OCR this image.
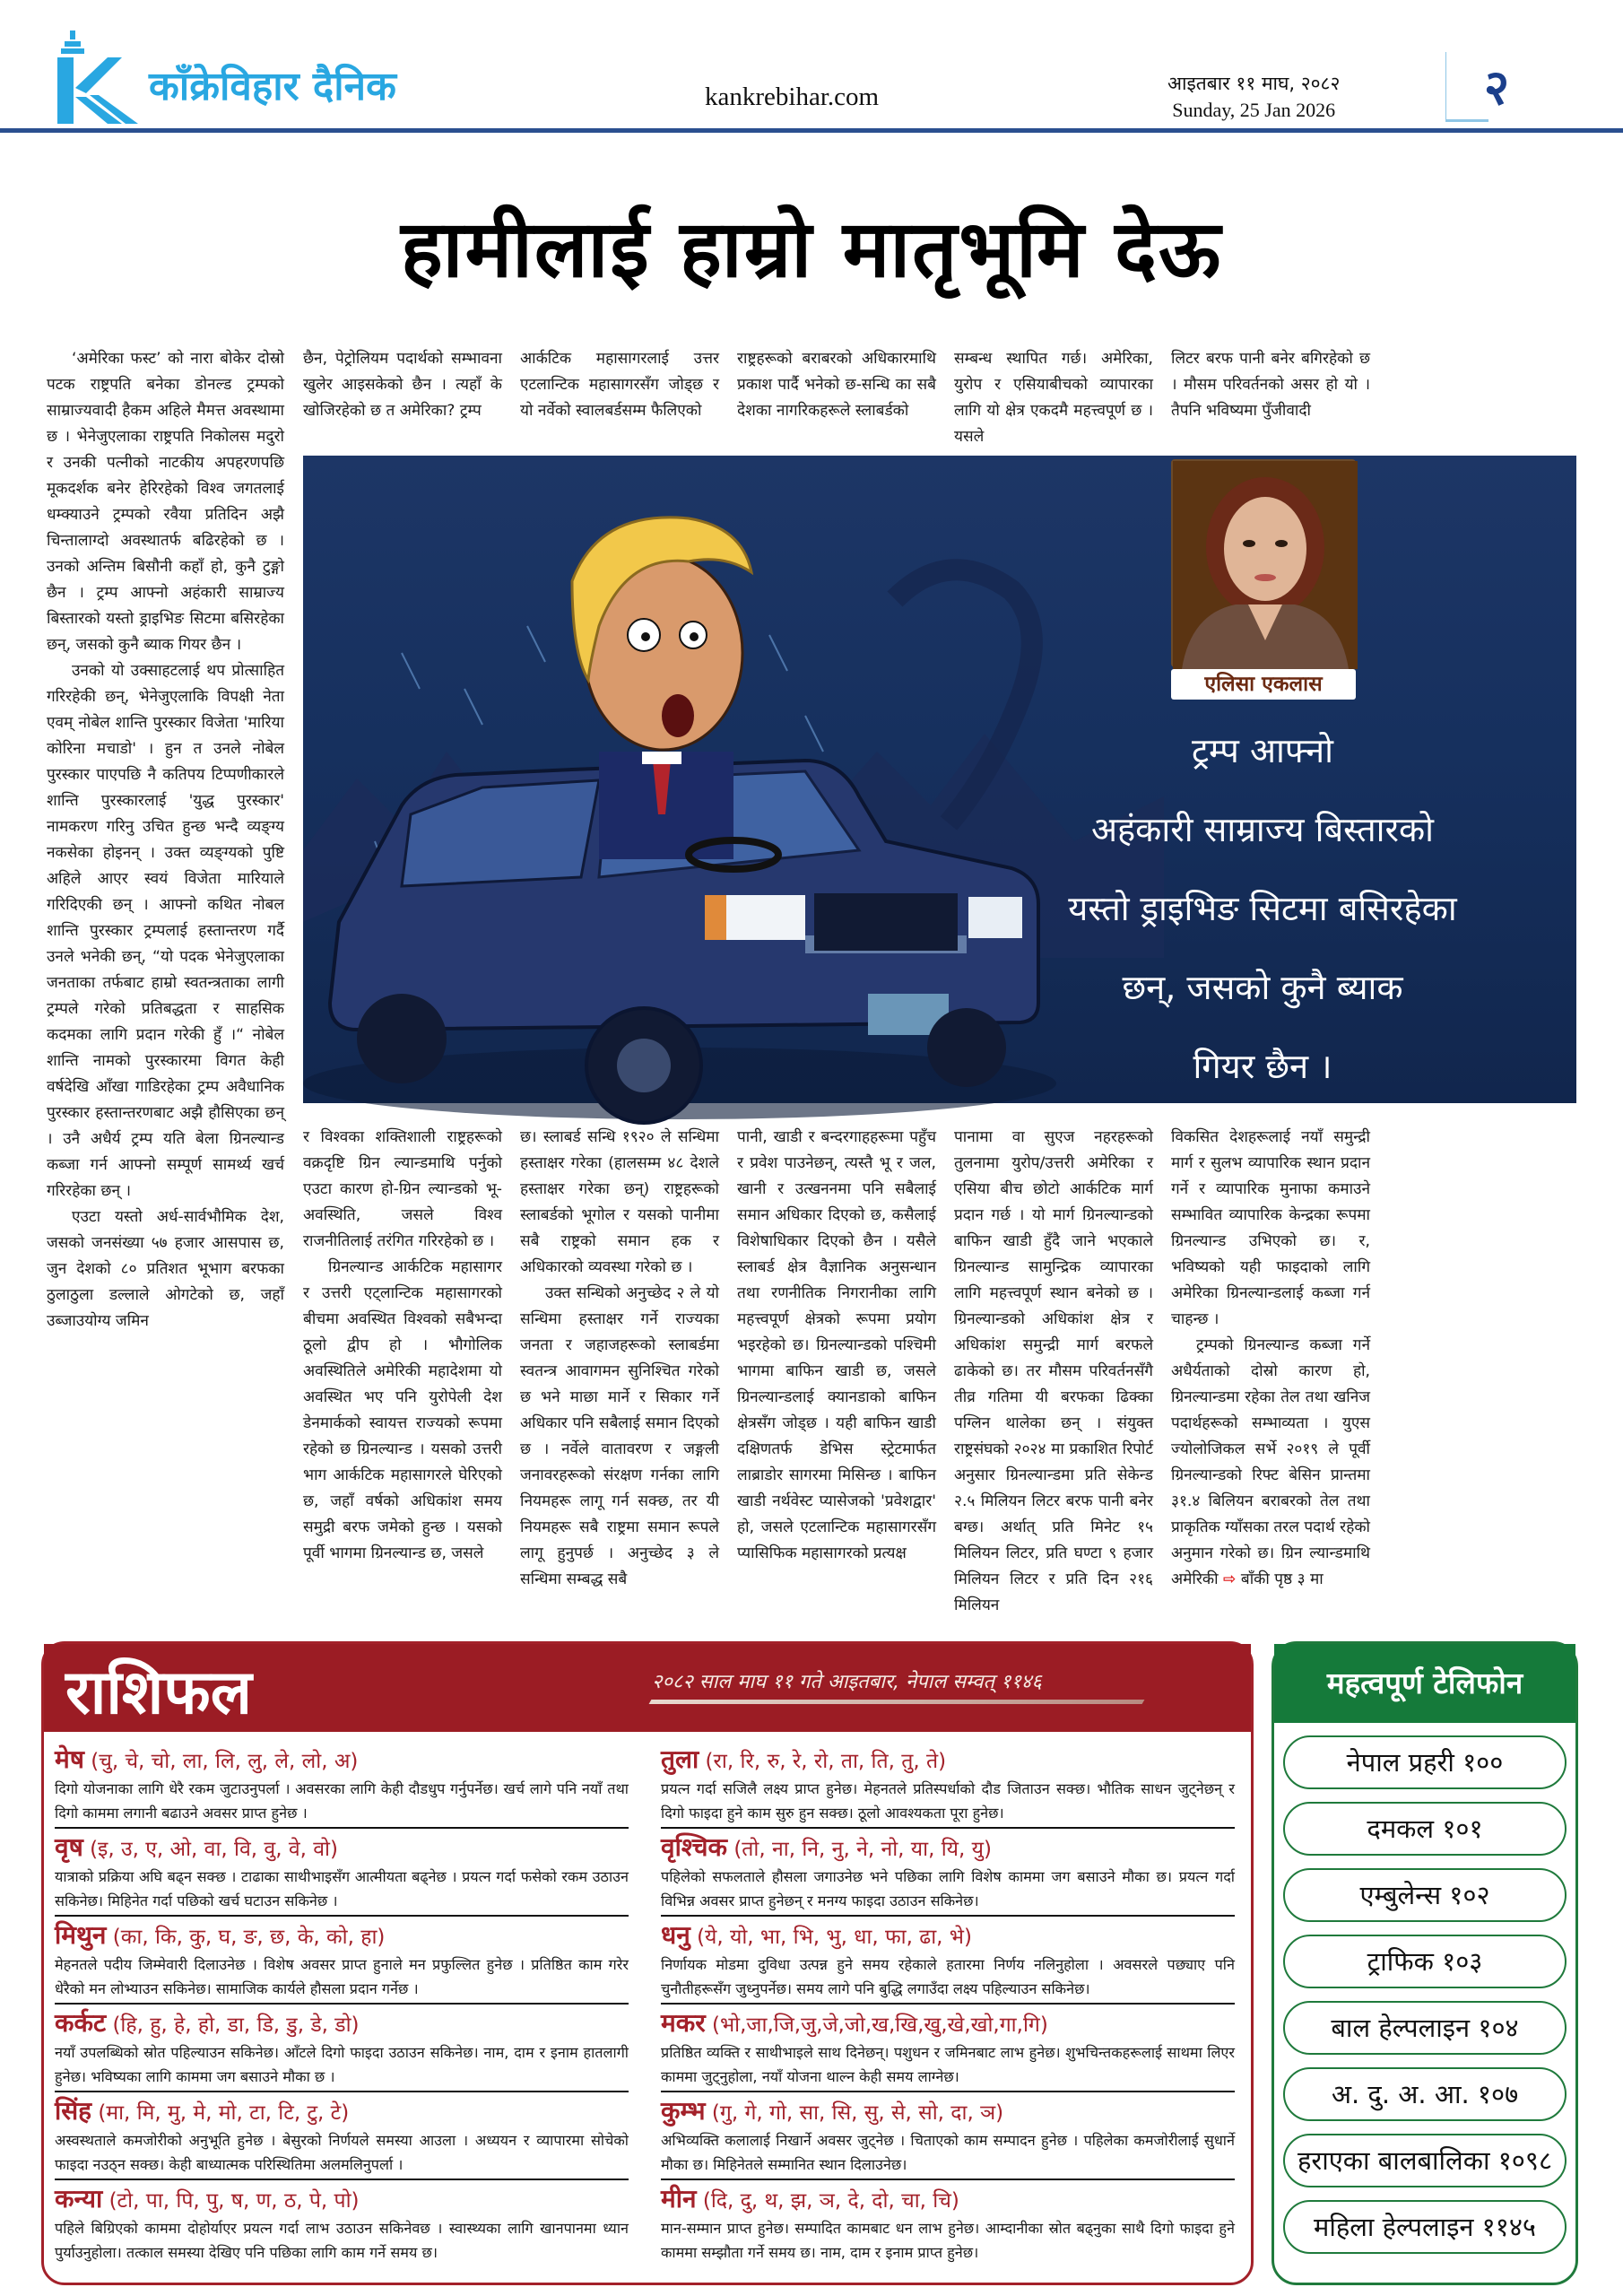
काँक्रेविहार दैनिक	kankrebihar.com	आइतबार ११ माघ, २०८२
Sunday, 25 Jan 2026	२
हामीलाई हाम्रो मातृभूमि देऊ

‘अमेरिका फस्ट’ को नारा बोकेर दोस्रो पटक राष्ट्रपति बनेका डोनल्ड ट्रम्पको साम्राज्यवादी हैकम अहिले मैमत्त अवस्थामा छ । भेनेजुएलाका राष्ट्रपति निकोलस मदुरो र उनकी पत्नीको नाटकीय अपहरणपछि मूकदर्शक बनेर हेरिरहेको विश्व जगतलाई धम्क्याउने ट्रम्पको रवैया प्रतिदिन अझै चिन्तालाग्दो अवस्थातर्फ बढिरहेको छ । उनको अन्तिम बिसौनी कहाँ हो, कुनै टुङ्गो छैन । ट्रम्प आफ्नो अहंकारी साम्राज्य बिस्तारको यस्तो ड्राइभिङ सिटमा बसिरहेका छन्, जसको कुनै ब्याक गियर छैन ।

उनको यो उक्साहटलाई थप प्रोत्साहित गरिरहेकी छन्, भेनेजुएलाकि विपक्षी नेता एवम् नोबेल शान्ति पुरस्कार विजेता 'मारिया कोरिना मचाडो' । हुन त उनले नोबेल पुरस्कार पाएपछि नै कतिपय टिप्पणीकारले शान्ति पुरस्कारलाई 'युद्ध पुरस्कार' नामकरण गरिनु उचित हुन्छ भन्दै व्यङ्ग्य नकसेका होइनन् । उक्त व्यङ्ग्यको पुष्टि अहिले आएर स्वयं विजेता मारियाले गरिदिएकी छन् । आफ्नो कथित नोबल शान्ति पुरस्कार ट्रम्पलाई हस्तान्तरण गर्दै उनले भनेकी छन्, “यो पदक भेनेजुएलाका जनताका तर्फबाट हाम्रो स्वतन्त्रताका लागी ट्रम्पले गरेको प्रतिबद्धता र साहसिक कदमका लागि प्रदान गरेकी हुँ ।“ नोबेल शान्ति नामको पुरस्कारमा विगत केही वर्षदेखि आँखा गाडिरहेका ट्रम्प अवैधानिक पुरस्कार हस्तान्तरणबाट अझै हौसिएका छन् । उनै अधैर्य ट्रम्प यति बेला ग्रिनल्यान्ड कब्जा गर्न आफ्नो सम्पूर्ण सामर्थ्य खर्च गरिरहेका छन् ।

एउटा यस्तो अर्ध-सार्वभौमिक देश, जसको जनसंख्या ५७ हजार आसपास छ, जुन देशको ८० प्रतिशत भूभाग बरफका ठुलाठुला डल्लाले ओगटेको छ, जहाँ उब्जाउयोग्य जमिन

छैन, पेट्रोलियम पदार्थको सम्भावना खुलेर आइसकेको छैन । त्यहाँ के खोजिरहेको छ त अमेरिका? ट्रम्प

आर्कटिक महासागरलाई उत्तर एटलान्टिक महासागरसँग जोड्छ र यो नर्वेको स्वालबर्डसम्म फैलिएको

राष्ट्रहरूको बराबरको अधिकारमाथि प्रकाश पार्दै भनेको छ-सन्धि का सबै देशका नागरिकहरूले स्लाबर्डको

सम्बन्ध स्थापित गर्छ। अमेरिका, युरोप र एसियाबीचको व्यापारका लागि यो क्षेत्र एकदमै महत्त्वपूर्ण छ । यसले

लिटर बरफ पानी बनेर बगिरहेको छ । मौसम परिवर्तनको असर हो यो । तैपनि भविष्यमा पुँजीवादी

एलिसा एकलास
ट्रम्प आफ्नो
अहंकारी साम्राज्य बिस्तारको
यस्तो ड्राइभिङ सिटमा बसिरहेका
छन्, जसको कुनै ब्याक
गियर छैन ।

र विश्वका शक्तिशाली राष्ट्रहरूको वक्रदृष्टि ग्रिन ल्यान्डमाथि पर्नुको एउटा कारण हो-ग्रिन ल्यान्डको भू-अवस्थिति, जसले विश्व राजनीतिलाई तरंगित गरिरहेको छ ।

ग्रिनल्यान्ड आर्कटिक महासागर र उत्तरी एट्लान्टिक महासागरको बीचमा अवस्थित विश्वको सबैभन्दा ठूलो द्वीप हो । भौगोलिक अवस्थितिले अमेरिकी महादेशमा यो अवस्थित भए पनि युरोपेली देश डेनमार्कको स्वायत्त राज्यको रूपमा रहेको छ ग्रिनल्यान्ड । यसको उत्तरी भाग आर्कटिक महासागरले घेरिएको छ, जहाँ वर्षको अधिकांश समय समुद्री बरफ जमेको हुन्छ । यसको पूर्वी भागमा ग्रिनल्यान्ड छ, जसले

छ। स्लाबर्ड सन्धि १९२० ले सन्धिमा हस्ताक्षर गरेका (हालसम्म ४८ देशले हस्ताक्षर गरेका छन्) राष्ट्रहरूको स्लाबर्डको भूगोल र यसको पानीमा सबै राष्ट्रको समान हक र अधिकारको व्यवस्था गरेको छ ।

उक्त सन्धिको अनुच्छेद २ ले यो सन्धिमा हस्ताक्षर गर्ने राज्यका जनता र जहाजहरूको स्लाबर्डमा स्वतन्त्र आवागमन सुनिश्चित गरेको छ भने माछा मार्ने र सिकार गर्ने अधिकार पनि सबैलाई समान दिएको छ । नर्वेले वातावरण र जङ्गली जनावरहरूको संरक्षण गर्नका लागि नियमहरू लागू गर्न सक्छ, तर यी नियमहरू सबै राष्ट्रमा समान रूपले लागू हुनुपर्छ । अनुच्छेद ३ ले सन्धिमा सम्बद्ध सबै

पानी, खाडी र बन्दरगाहहरूमा पहुँच र प्रवेश पाउनेछन्, त्यस्तै भू र जल, खानी र उत्खननमा पनि सबैलाई समान अधिकार दिएको छ, कसैलाई विशेषाधिकार दिएको छैन । यसैले स्लाबर्ड क्षेत्र वैज्ञानिक अनुसन्धान तथा रणनीतिक निगरानीका लागि महत्त्वपूर्ण क्षेत्रको रूपमा प्रयोग भइरहेको छ। ग्रिनल्यान्डको पश्चिमी भागमा बाफिन खाडी छ, जसले ग्रिनल्यान्डलाई क्यानडाको बाफिन क्षेत्रसँग जोड्छ । यही बाफिन खाडी दक्षिणतर्फ डेभिस स्ट्रेटमार्फत लाब्राडोर सागरमा मिसिन्छ । बाफिन खाडी नर्थवेस्ट प्यासेजको 'प्रवेशद्वार' हो, जसले एटलान्टिक महासागरसँग प्यासिफिक महासागरको प्रत्यक्ष

पानामा वा सुएज नहरहरूको तुलनामा युरोप/उत्तरी अमेरिका र एसिया बीच छोटो आर्कटिक मार्ग प्रदान गर्छ । यो मार्ग ग्रिनल्यान्डको बाफिन खाडी हुँदै जाने भएकाले ग्रिनल्यान्ड सामुन्द्रिक व्यापारका लागि महत्त्वपूर्ण स्थान बनेको छ । ग्रिनल्यान्डको अधिकांश क्षेत्र र अधिकांश समुन्द्री मार्ग बरफले ढाकेको छ। तर मौसम परिवर्तनसँगै तीव्र गतिमा यी बरफका ढिक्का पग्लिन थालेका छन् । संयुक्त राष्ट्रसंघको २०२४ मा प्रकाशित रिपोर्ट अनुसार ग्रिनल्यान्डमा प्रति सेकेन्ड २.५ मिलियन लिटर बरफ पानी बनेर बग्छ। अर्थात् प्रति मिनेट १५ मिलियन लिटर, प्रति घण्टा ९ हजार मिलियन लिटर र प्रति दिन २१६ मिलियन

विकसित देशहरूलाई नयाँ समुन्द्री मार्ग र सुलभ व्यापारिक स्थान प्रदान गर्ने र व्यापारिक मुनाफा कमाउने सम्भावित व्यापारिक केन्द्रका रूपमा ग्रिनल्यान्ड उभिएको छ। र, भविष्यको यही फाइदाको लागि अमेरिका ग्रिनल्यान्डलाई कब्जा गर्न चाहन्छ ।

ट्रम्पको ग्रिनल्यान्ड कब्जा गर्ने अधैर्यताको दोस्रो कारण हो, ग्रिनल्यान्डमा रहेका तेल तथा खनिज पदार्थहरूको सम्भाव्यता । युएस ज्योलोजिकल सर्भे २०१९ ले पूर्वी ग्रिनल्यान्डको रिफ्ट बेसिन प्रान्तमा ३१.४ बिलियन बराबरको तेल तथा प्राकृतिक ग्याँसका तरल पदार्थ रहेको अनुमान गरेको छ। ग्रिन ल्यान्डमाथि अमेरिकी ⇨ बाँकी पृष्ठ ३ मा

राशिफल	२०८२ साल माघ ११ गते आइतबार, नेपाल सम्वत् ११४६
मेष (चु, चे, चो, ला, लि, लु, ले, लो, अ)
दिगो योजनाका लागि धेरै रकम जुटाउनुपर्ला । अवसरका लागि केही दौडधुप गर्नुपर्नेछ। खर्च लागे पनि नयाँ तथा दिगो काममा लगानी बढाउने अवसर प्राप्त हुनेछ ।
वृष (इ, उ, ए, ओ, वा, वि, वु, वे, वो)
यात्राको प्रक्रिया अघि बढ्न सक्छ । टाढाका साथीभाइसँग आत्मीयता बढ्नेछ । प्रयत्न गर्दा फसेको रकम उठाउन सकिनेछ। मिहिनेत गर्दा पछिको खर्च घटाउन सकिनेछ ।
मिथुन (का, कि, कु, घ, ङ, छ, के, को, हा)
मेहनतले पदीय जिम्मेवारी दिलाउनेछ । विशेष अवसर प्राप्त हुनाले मन प्रफुल्लित हुनेछ । प्रतिष्ठित काम गरेर धेरैको मन लोभ्याउन सकिनेछ। सामाजिक कार्यले हौसला प्रदान गर्नेछ ।
कर्कट (हि, हु, हे, हो, डा, डि, डु, डे, डो)
नयाँ उपलब्धिको स्रोत पहिल्याउन सकिनेछ। आँटले दिगो फाइदा उठाउन सकिनेछ। नाम, दाम र इनाम हातलागी हुनेछ। भविष्यका लागि काममा जग बसाउने मौका छ ।
सिंह (मा, मि, मु, मे, मो, टा, टि, टु, टे)
अस्वस्थताले कमजोरीको अनुभूति हुनेछ । बेसुरको निर्णयले समस्या आउला । अध्ययन र व्यापारमा सोचेको फाइदा नउठ्न सक्छ। केही बाध्यात्मक परिस्थितिमा अलमलिनुपर्ला ।
कन्या (टो, पा, पि, पु, ष, ण, ठ, पे, पो)
पहिले बिग्रिएको काममा दोहोर्याएर प्रयत्न गर्दा लाभ उठाउन सकिनेवछ । स्वास्थ्यका लागि खानपानमा ध्यान पुर्याउनुहोला। तत्काल समस्या देखिए पनि पछिका लागि काम गर्ने समय छ।
तुला (रा, रि, रु, रे, रो, ता, ति, तु, ते)
प्रयत्न गर्दा सजिलै लक्ष्य प्राप्त हुनेछ। मेहनतले प्रतिस्पर्धाको दौड जिताउन सक्छ। भौतिक साधन जुट्नेछन् र दिगो फाइदा हुने काम सुरु हुन सक्छ। ठूलो आवश्यकता पूरा हुनेछ।
वृश्चिक (तो, ना, नि, नु, ने, नो, या, यि, यु)
पहिलेको सफलताले हौसला जगाउनेछ भने पछिका लागि विशेष काममा जग बसाउने मौका छ। प्रयत्न गर्दा विभिन्न अवसर प्राप्त हुनेछन् र मनग्य फाइदा उठाउन सकिनेछ।
धनु (ये, यो, भा, भि, भु, धा, फा, ढा, भे)
निर्णायक मोडमा दुविधा उत्पन्न हुने समय रहेकाले हतारमा निर्णय नलिनुहोला । अवसरले पछ्याए पनि चुनौतीहरूसँग जुध्नुपर्नेछ। समय लागे पनि बुद्धि लगाउँदा लक्ष्य पहिल्याउन सकिनेछ।
मकर (भो,जा,जि,जु,जे,जो,ख,खि,खु,खे,खो,गा,गि)
प्रतिष्ठित व्यक्ति र साथीभाइले साथ दिनेछन्। पशुधन र जमिनबाट लाभ हुनेछ। शुभचिन्तकहरूलाई साथमा लिएर काममा जुट्नुहोला, नयाँ योजना थाल्न केही समय लाग्नेछ।
कुम्भ (गु, गे, गो, सा, सि, सु, से, सो, दा, ञ)
अभिव्यक्ति कलालाई निखार्ने अवसर जुट्नेछ । चिताएको काम सम्पादन हुनेछ । पहिलेका कमजोरीलाई सुधार्ने मौका छ। मिहिनेतले सम्मानित स्थान दिलाउनेछ।
मीन (दि, दु, थ, झ, ञ, दे, दो, चा, चि)
मान-सम्मान प्राप्त हुनेछ। सम्पादित कामबाट धन लाभ हुनेछ। आम्दानीका स्रोत बढ्नुका साथै दिगो फाइदा हुने काममा सम्झौता गर्ने समय छ। नाम, दाम र इनाम प्राप्त हुनेछ।
महत्वपूर्ण टेलिफोन
नेपाल प्रहरी १००
दमकल १०१
एम्बुलेन्स १०२
ट्राफिक १०३
बाल हेल्पलाइन १०४
अ. दु. अ. आ. १०७
हराएका बालबालिका १०९८
महिला हेल्पलाइन ११४५
